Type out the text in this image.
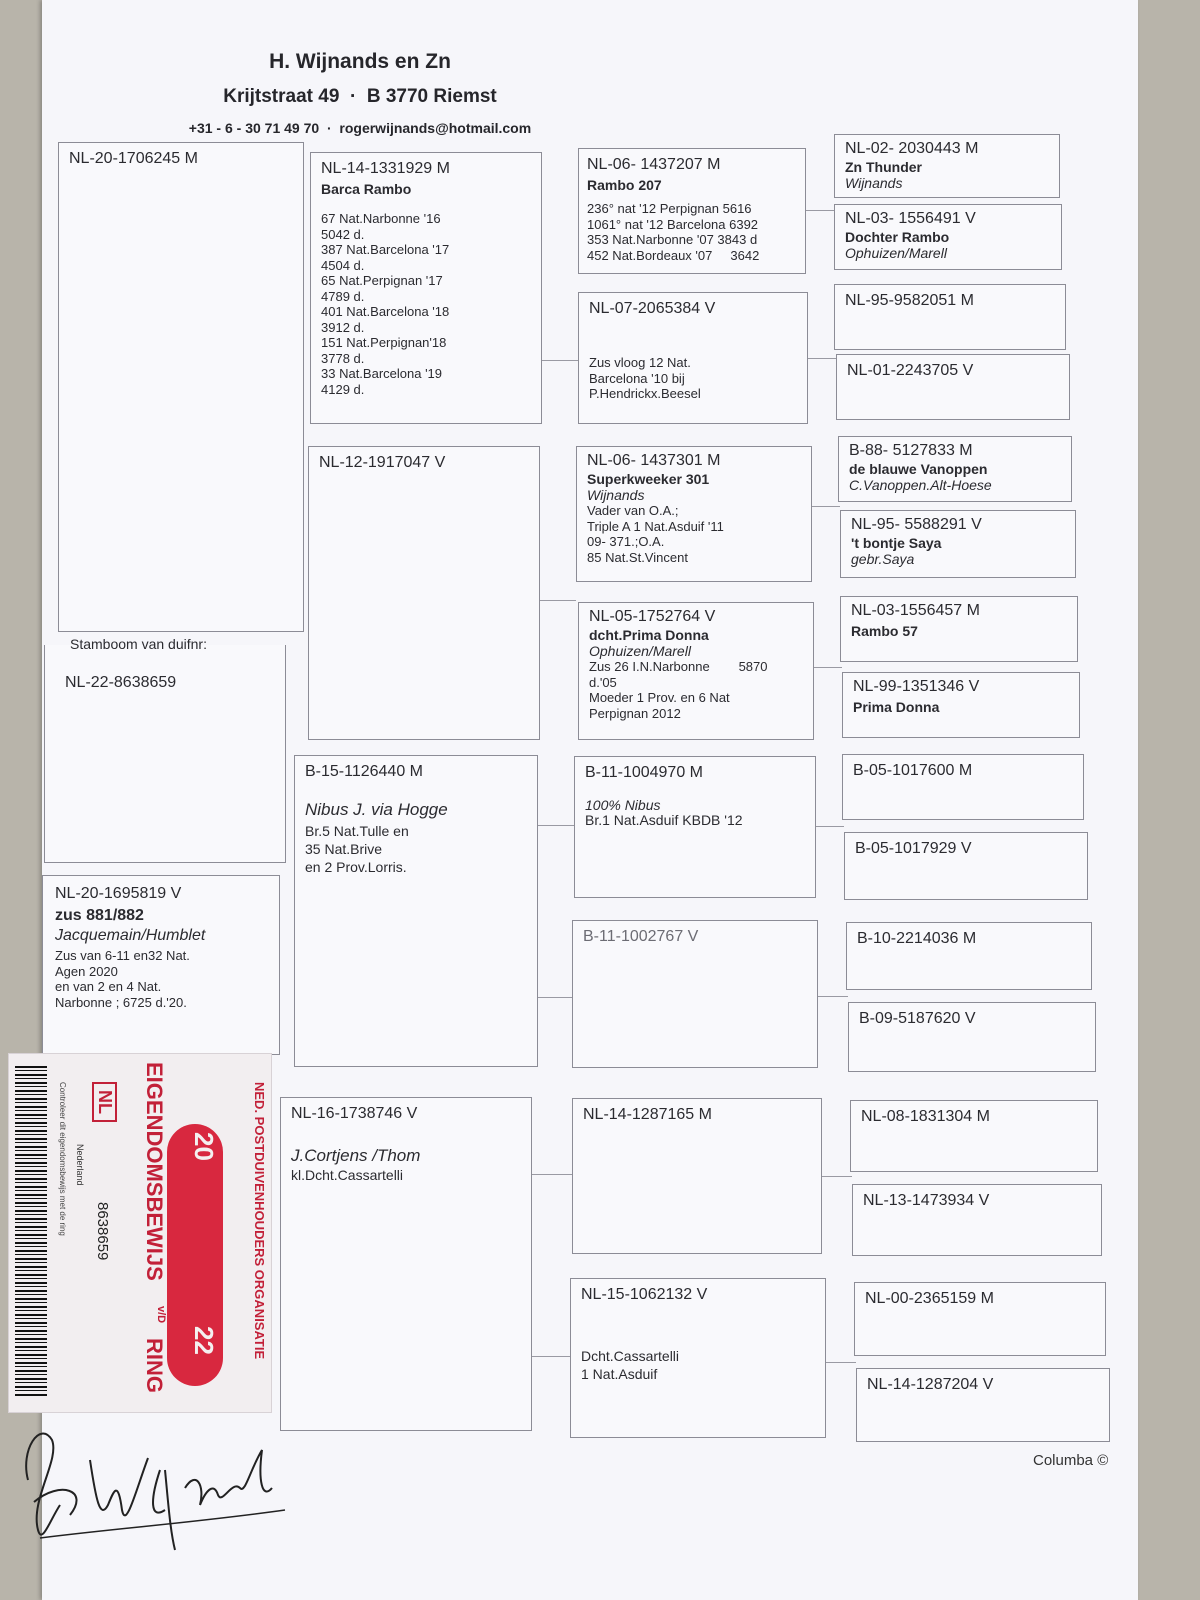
H. Wijnands en Zn
Krijtstraat 49  ·  B 3770 Riemst
+31 - 6 - 30 71 49 70  ·  rogerwijnands@hotmail.com
NL-20-1706245 M
Stamboom van duifnr:
NL-22-8638659
NL-20-1695819 V
zus 881/882
Jacquemain/Humblet
Zus van 6-11 en32 Nat.
Agen 2020
en van 2 en 4 Nat.
Narbonne ; 6725 d.'20.
NL-14-1331929 M
Barca Rambo
67 Nat.Narbonne '16
5042 d.
387 Nat.Barcelona '17
4504 d.
65 Nat.Perpignan '17
4789 d.
401 Nat.Barcelona '18
3912 d.
151 Nat.Perpignan'18
3778 d.
33 Nat.Barcelona '19
4129 d.
NL-12-1917047 V
B-15-1126440 M
Nibus J. via Hogge
Br.5 Nat.Tulle en
35 Nat.Brive
en 2 Prov.Lorris.
NL-16-1738746 V
J.Cortjens /Thom
kl.Dcht.Cassartelli
NL-06- 1437207 M
Rambo 207
236° nat '12 Perpignan 5616
1061° nat '12 Barcelona 6392
353 Nat.Narbonne '07 3843 d
452 Nat.Bordeaux '07     3642
NL-07-2065384 V
Zus vloog 12 Nat.
Barcelona '10 bij
P.Hendrickx.Beesel
NL-06- 1437301 M
Superkweeker 301
Wijnands
Vader van O.A.;
Triple A 1 Nat.Asduif '11
09- 371.;O.A.
85 Nat.St.Vincent
NL-05-1752764 V
dcht.Prima Donna
Ophuizen/Marell
Zus 26 I.N.Narbonne        5870
d.'05
Moeder 1 Prov. en 6 Nat
Perpignan 2012
B-11-1004970 M
100% Nibus
Br.1 Nat.Asduif KBDB '12
B-11-1002767 V
NL-14-1287165 M
NL-15-1062132 V
Dcht.Cassartelli
1 Nat.Asduif
NL-02- 2030443 M
Zn Thunder
Wijnands
NL-03- 1556491 V
Dochter Rambo
Ophuizen/Marell
NL-95-9582051 M
NL-01-2243705 V
B-88- 5127833 M
de blauwe Vanoppen
C.Vanoppen.Alt-Hoese
NL-95- 5588291 V
't bontje Saya
gebr.Saya
NL-03-1556457 M
Rambo 57
NL-99-1351346 V
Prima Donna
B-05-1017600 M
B-05-1017929 V
B-10-2214036 M
B-09-5187620 V
NL-08-1831304 M
NL-13-1473934 V
NL-00-2365159 M
NL-14-1287204 V
Controleer dit eigendomsbewijs met de ring NL
Nederland
8638659 EIGENDOMSBEWIJS 20
22
v/D
RING
NED. POSTDUIVENHOUDERS ORGANISATIE
Columba ©
